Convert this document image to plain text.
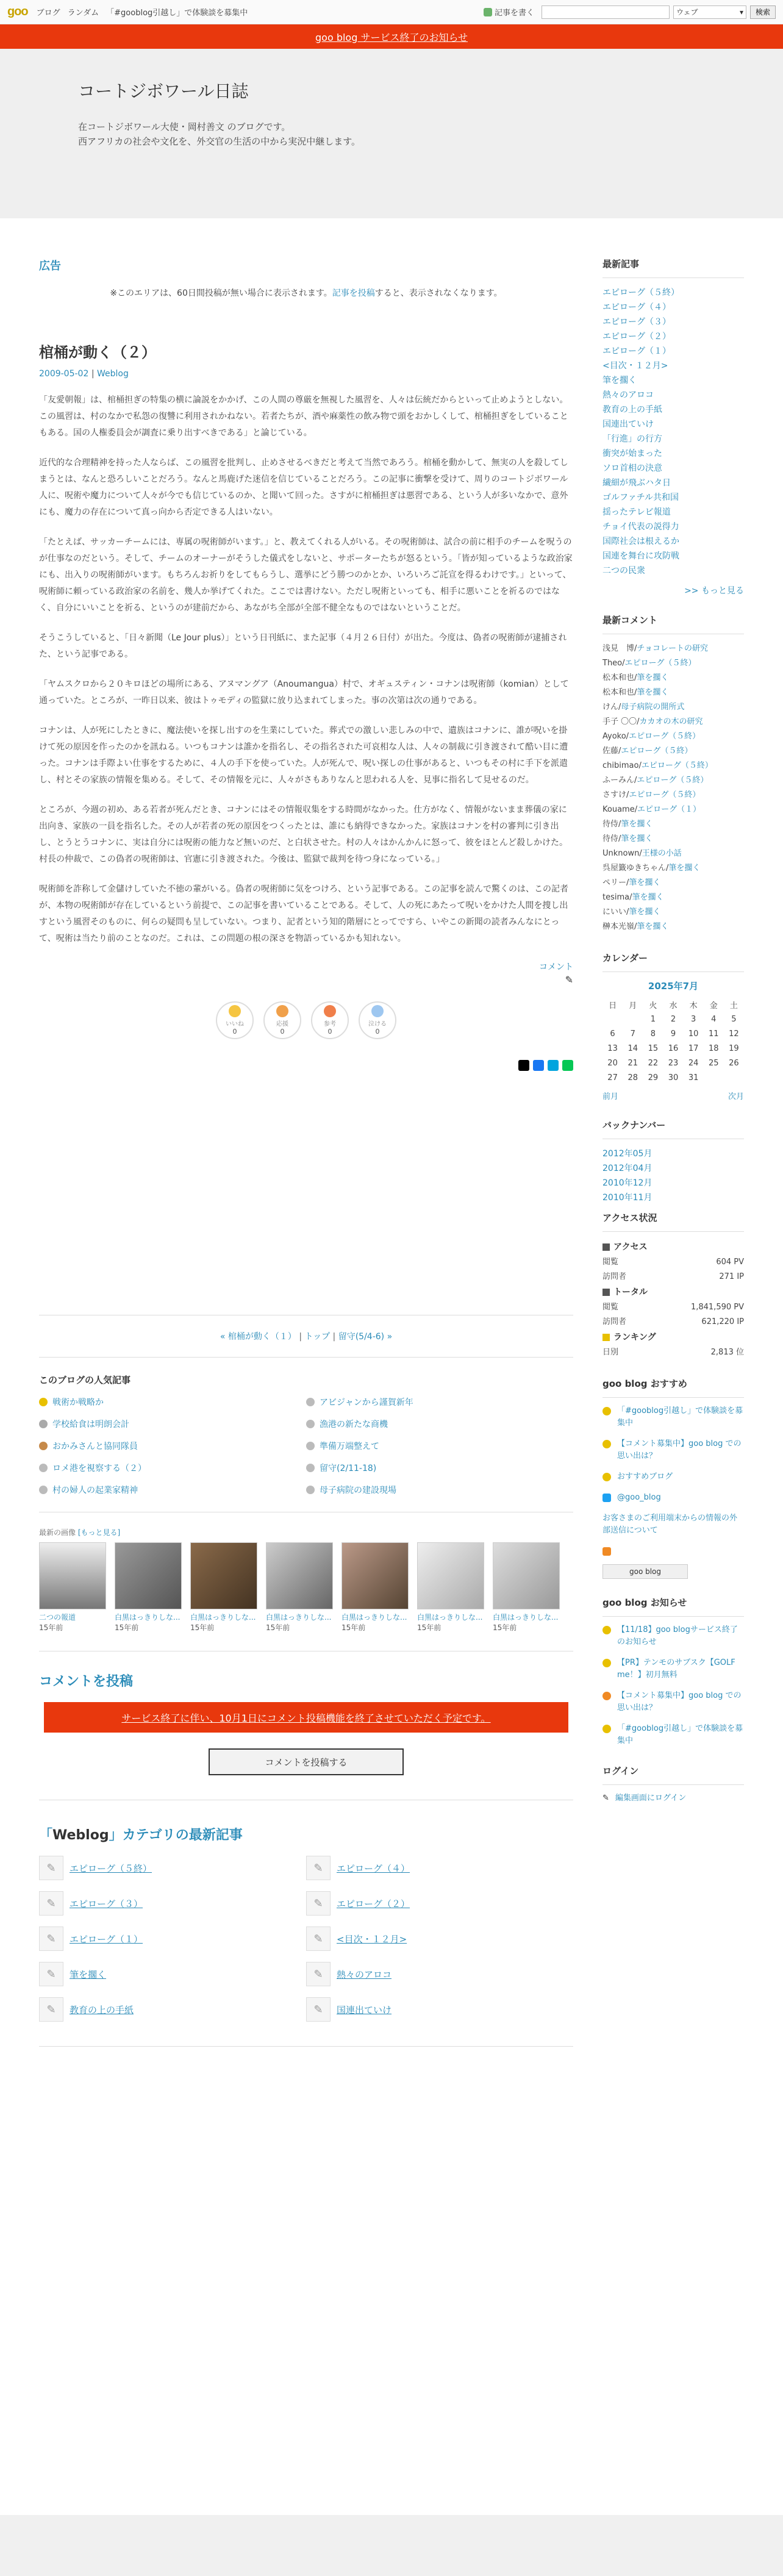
goo ブログ ランダム 「#gooblog引越し」で体験談を募集中	記事を書く	ウェブ	▾	検索
goo blog サービス終了のお知らせ
コートジボワール日誌
在コートジボワール大使・岡村善文 のブログです。
西アフリカの社会や文化を、外交官の生活の中から実況中継します。
広告
※このエリアは、60日間投稿が無い場合に表示されます。記事を投稿すると、表示されなくなります。
棺桶が動く（２）
2009-05-02 | Weblog

「友愛朝報」は、棺桶担ぎの特集の横に論説をかかげ、この人間の尊厳を無視した風習を、人々は伝統だからといって止めようとしない。この風習は、村のなかで私怨の復讐に利用されかねない。若者たちが、酒や麻薬性の飲み物で頭をおかしくして、棺桶担ぎをしていることもある。国の人権委員会が調査に乗り出すべきである」と論じている。

近代的な合理精神を持った人ならば、この風習を批判し、止めさせるべきだと考えて当然であろう。棺桶を動かして、無実の人を殺してしまうとは、なんと恐ろしいことだろう。なんと馬鹿げた迷信を信じていることだろう。この記事に衝撃を受けて、周りのコートジボワール人に、呪術や魔力について人々が今でも信じているのか、と聞いて回った。さすがに棺桶担ぎは悪習である、という人が多いなかで、意外にも、魔力の存在について真っ向から否定できる人はいない。

「たとえば、サッカーチームには、専属の呪術師がいます。」と、教えてくれる人がいる。その呪術師は、試合の前に相手のチームを呪うのが仕事なのだという。そして、チームのオーナーがそうした儀式をしないと、サポーターたちが怒るという。「皆が知っているような政治家にも、出入りの呪術師がいます。もちろんお祈りをしてもらうし、選挙にどう勝つのかとか、いろいろご託宣を得るわけです。」といって、呪術師に頼っている政治家の名前を、幾人か挙げてくれた。ここでは書けない。ただし呪術といっても、相手に悪いことを祈るのではなく、自分にいいことを祈る、というのが建前だから、あながち全部が全部不健全なものではないということだ。

そうこうしていると、「日々新聞（Le Jour plus）」という日刊紙に、また記事（４月２６日付）が出た。今度は、偽者の呪術師が逮捕された、という記事である。

「ヤムスクロから２０キロほどの場所にある、アヌマングア（Anoumangua）村で、オギュスティン・コナンは呪術師（komian）として通っていた。ところが、一昨日以来、彼はトゥモディの監獄に放り込まれてしまった。事の次第は次の通りである。

コナンは、人が死にしたときに、魔法使いを探し出すのを生業にしていた。葬式での激しい悲しみの中で、遺族はコナンに、誰が呪いを掛けて死の原因を作ったのかを訊ねる。いつもコナンは誰かを指名し、その指名された可哀相な人は、人々の制裁に引き渡されて酷い目に遭った。コナンは手際よい仕事をするために、４人の手下を使っていた。人が死んで、呪い探しの仕事があると、いつもその村に手下を派遣し、村とその家族の情報を集める。そして、その情報を元に、人々がさもありなんと思われる人を、見事に指名して見せるのだ。

ところが、今週の初め、ある若者が死んだとき、コナンにはその情報収集をする時間がなかった。仕方がなく、情報がないまま葬儀の家に出向き、家族の一員を指名した。その人が若者の死の原因をつくったとは、誰にも納得できなかった。家族はコナンを村の審判に引き出し、とうとうコナンに、実は自分には呪術の能力など無いのだ、と白状させた。村の人々はかんかんに怒って、彼をほとんど殺しかけた。村長の仲裁で、この偽者の呪術師は、官憲に引き渡された。今後は、監獄で裁判を待つ身になっている。」

呪術師を詐称して金儲けしていた不徳の輩がいる。偽者の呪術師に気をつけろ、という記事である。この記事を読んで驚くのは、この記者が、本物の呪術師が存在しているという前提で、この記事を書いていることである。そして、人の死にあたって呪いをかけた人間を捜し出すという風習そのものに、何らの疑問も呈していない。つまり、記者という知的階層にとってですら、いやこの新聞の読者みんなにとって、呪術は当たり前のことなのだ。これは、この問題の根の深さを物語っているかも知れない。

コメント
✎
いいね
0
応援
0
参考
0
泣ける
0
« 棺桶が動く（１） | トップ | 留守(5/4-6) »
このブログの人気記事
戦術か戦略か	アビジャンから謹賀新年
学校給食は明朗会計	漁港の新たな商機
おかみさんと協同隊員	準備万端整えて
ロメ港を視察する（２）	留守(2/11-18)
村の婦人の起業家精神	母子病院の建設現場
最新の画像 [もっと見る]
二つの報道
15年前
白黒はっきりしな...
15年前
白黒はっきりしな...
15年前
白黒はっきりしな...
15年前
白黒はっきりしな...
15年前
白黒はっきりしな...
15年前
白黒はっきりしな...
15年前
コメントを投稿
サービス終了に伴い、10月1日にコメント投稿機能を終了させていただく予定です。
コメントを投稿する
「Weblog」カテゴリの最新記事
✎	エピローグ（５終）	✎	エピローグ（４）
✎	エピローグ（３）	✎	エピローグ（２）
✎	エピローグ（１）	✎	<目次・１２月>
✎	筆を擱く	✎	熱々のアロコ
✎	教育の上の手紙	✎	国連出ていけ
最新記事
エピローグ（５終）
エピローグ（４）
エピローグ（３）
エピローグ（２）
エピローグ（１）
<目次・１２月>
筆を擱く
熱々のアロコ
教育の上の手紙
国連出ていけ
「行進」の行方
衝突が始まった
ソロ首相の決意
繊細が飛ぶハタ日
ゴルファチル共和国
揺ったテレビ報道
チョイ代表の説得力
国際社会は根えるか
国連を舞台に攻防戦
二つの民衆
>> もっと見る
最新コメント
浅見　博/チョコレートの研究
Theo/エピローグ（５終）
松本和也/筆を擱く
松本和也/筆を擱く
けん/母子病院の開所式
手子 〇〇/カカオの木の研究
Ayoko/エピローグ（５終）
佐藤/エピローグ（５終）
chibimao/エピローグ（５終）
ふーみん/エピローグ（５終）
さすけ/エピローグ（５終）
Kouame/エピローグ（１）
待侍/筆を擱く
待侍/筆を擱く
Unknown/王様の小話
呉屋籤ゆきちゃん/筆を擱く
ペリー/筆を擱く
tesima/筆を擱く
にいい/筆を擱く
榊本光嶺/筆を擱く
カレンダー
2025年7月
日	月	火	水	木	金	土
		1	2	3	4	5
6	7	8	9	10	11	12
13	14	15	16	17	18	19
20	21	22	23	24	25	26
27	28	29	30	31		
前月	次月
バックナンバー
2012年05月
2012年04月
2010年12月
2010年11月
アクセス状況
アクセス
閲覧	604 PV
訪問者	271 IP
トータル
閲覧	1,841,590 PV
訪問者	621,220 IP
ランキング
日別	2,813 位
goo blog おすすめ
「#gooblog引越し」で体験談を募集中
【コメント募集中】goo blog での思い出は？
おすすめブログ
@goo_blog
お客さまのご利用端末からの情報の外部送信について
goo blog
goo blog お知らせ
【11/18】goo blogサービス終了のお知らせ
【PR】テンモのサブスク【GOLF me！】初月無料
【コメント募集中】goo blog での思い出は？
「#gooblog引越し」で体験談を募集中
ログイン
✎ 編集画面にログイン
